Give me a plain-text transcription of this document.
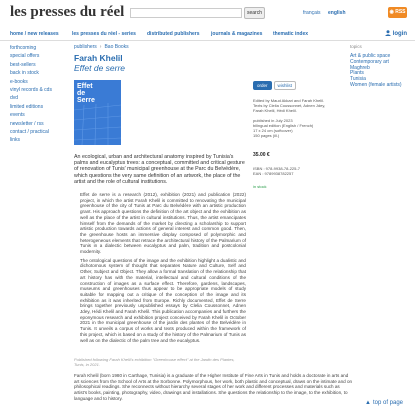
les presses du réel	search	français english	◉ RSS
home / new releases	les presses du réel - series distributed publishers journals & magazines thematic index	login
forthcoming
special offers
best-sellers
back in stock
e-books
vinyl records & cds
dvd
limited editions
events
newsletter / rss
contact / practical
links
topics
Art & public space
Contemporary art
Maghreb
Plants
Tunisia
Women (female artists)
publishers › Bao Books
Farah Khelil
Effet de serre
Effet
de
Serre
order	wishlist
Edited by Maud Akkari and Farah Khelil.
Texts by Clelia Coussonnet, Adnen Jdey,
Farah Khelil, Hédi Khelil.
published in July 2023
bilingual edition (English / French)
17 x 24 cm (softcover)
150 pages (ill.)
35.00 €
ISBN : 978-9938-78-225-7
EAN : 9789938782257
in stock
An ecological, urban and architectural anatomy inspired by Tunisia's palms and eucalyptus trees: a conceptual, committed and critical gesture of renovation of Tunis' municipal greenhouse at the Parc du Belvédère, which questions the very same definition of an artwork, the place of the artist and the role of cultural institutions.

Effet de serre is a research (2012), exhibition (2021) and publication (2022) project, in which the artist Farah Khelil is committed to renovating the municipal greenhouse of the city of Tunis at Parc du Belvédère with an artistic production grant. His approach questions the definition of the art object and the exhibition as well as the place of the artist in cultural institutions. Thus, the artist emancipates himself from the demands of the market by directing a scholarship to support artistic production towards actions of general interest and common good. Then, the greenhouse hosts an immersive display composed of polymorphic and heterogeneous elements that retrace the architectural history of the Palmarium of Tunis in a dialectic between eucalyptus and palm, tradition and postcolonial modernity.

The ontological questions of the image and the exhibition highlight a dualistic and dichotomous system of thought that separates Nature and Culture, Self and Other, Subject and Object. They allow a formal translation of the relationship that art history has with the material, intellectual and cultural conditions of the construction of images as a surface effect. Therefore, gardens, landscapes, museums and greenhouses thus appear to be appropriate models of study suitable for mapping out a critique of the conception of the image and its exhibition as it was inherited from Europe. Richly documented, Effet de Serre brings together previously unpublished essays by Clelia Coussonnet, Adnen Jdey, Hédi Khelil and Farah Khelil. This publication accompanies and furthers the eponymous research and exhibition project conceived by Farah Khelil in October 2021 in the municipal greenhouse of the jardin des plantes of the Belvédère in Tunis. It unveils a corpus of works and texts produced within the framework of this project, which is based on a study of the history of the Palmarium of Tunis as well as on the dialectic of the palm tree and the eucalyptus.

Published following Farah Khelil's exhibition "Greenhouse effect" at the Jardin des Plantes, Tunis, in 2021.
Farah Khelil (born 1980 in Carthage, Tunisia) is a graduate of the Higher Institute of Fine Arts in Tunis and holds a doctorate in arts and art sciences from the School of Arts at the Sorbonne. Polymorphous, her work, both plastic and conceptual, draws on the intimate and on philosophical readings. She reconnects without hierarchy several stages of her work and different processes and materials such as artist's books, painting, photography, video, drawings and installations. She questions the relationship to the image, to the exhibition, to language and to history.
▲ top of page
